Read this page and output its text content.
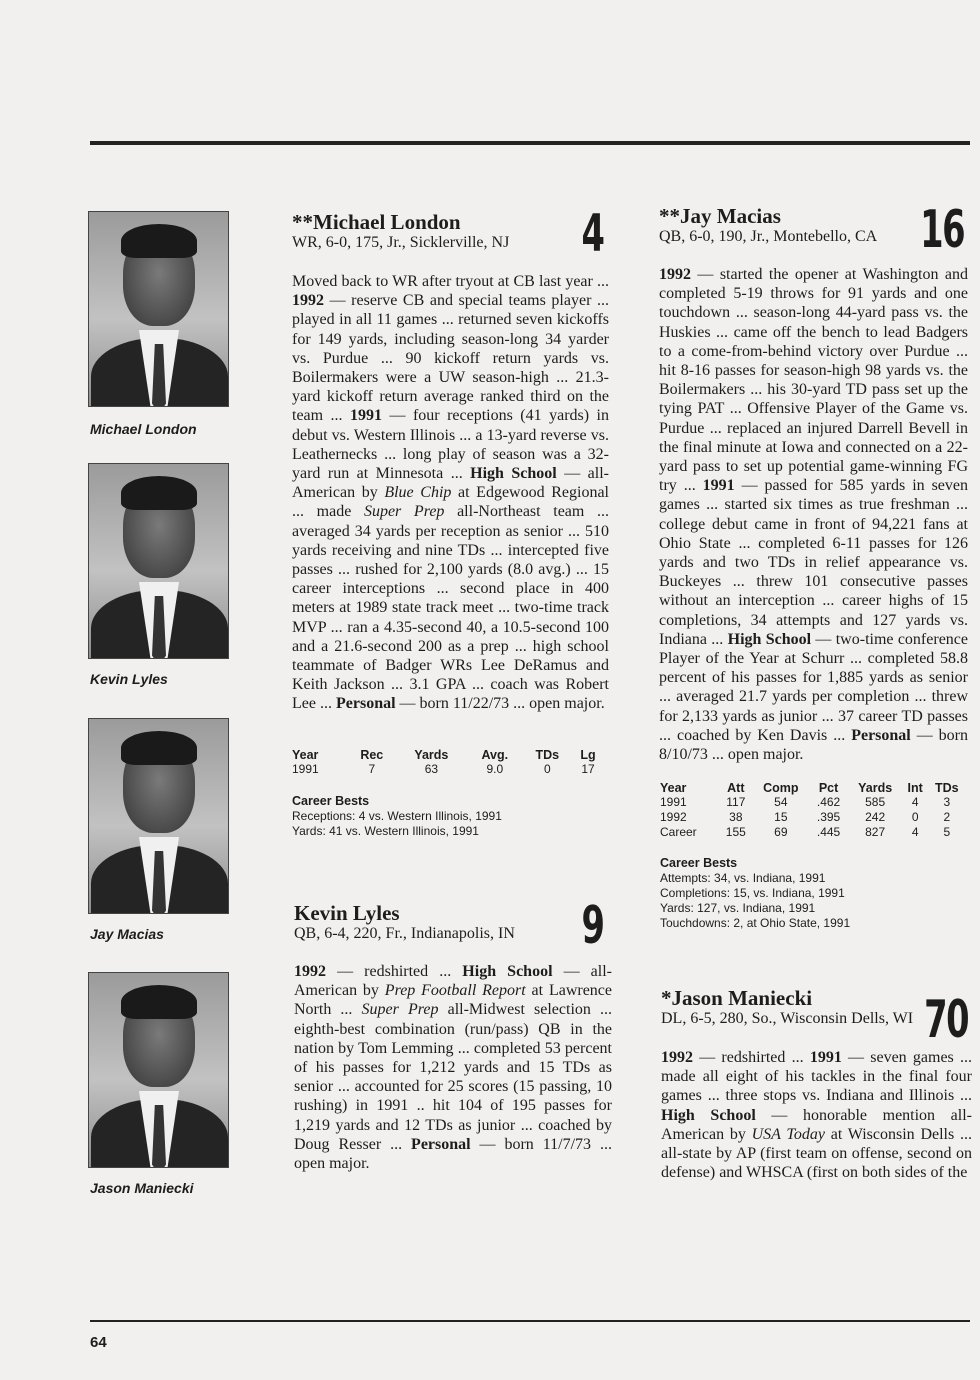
Michael London
Kevin Lyles
Jay Macias
Jason Maniecki
**Michael London
WR, 6-0, 175, Jr., Sicklerville, NJ 4

Moved back to WR after tryout at CB last year ... 1992 — reserve CB and special teams player ... played in all 11 games ... returned seven kickoffs for 149 yards, including season-long 34 yarder vs. Purdue ... 90 kickoff return yards vs. Boilermakers were a UW season-high ... 21.3-yard kickoff return average ranked third on the team ... 1991 — four receptions (41 yards) in debut vs. Western Illinois ... a 13-yard reverse vs. Leathernecks ... long play of season was a 32-yard run at Minnesota ... High School — all-American by Blue Chip at Edgewood Regional ... made Super Prep all-Northeast team ... averaged 34 yards per reception as senior ... 510 yards receiving and nine TDs ... intercepted five passes ... rushed for 2,100 yards (8.0 avg.) ... 15 career interceptions ... second place in 400 meters at 1989 state track meet ... two-time track MVP ... ran a 4.35-second 40, a 10.5-second 100 and a 21.6-second 200 as a prep ... high school teammate of Badger WRs Lee DeRamus and Keith Jackson ... 3.1 GPA ... coach was Robert Lee ... Personal — born 11/22/73 ... open major.

Year	Rec	Yards	Avg.	TDs	Lg
1991	7	63	9.0	0	17
Career Bests
Receptions: 4 vs. Western Illinois, 1991
Yards: 41 vs. Western Illinois, 1991
Kevin Lyles
QB, 6-4, 220, Fr., Indianapolis, IN 9

1992 — redshirted ... High School — all-American by Prep Football Report at Lawrence North ... Super Prep all-Midwest selection ... eighth-best combination (run/pass) QB in the nation by Tom Lemming ... completed 53 percent of his passes for 1,212 yards and 15 TDs as senior ... accounted for 25 scores (15 passing, 10 rushing) in 1991 .. hit 104 of 195 passes for 1,219 yards and 12 TDs as junior ... coached by Doug Resser ... Personal — born 11/7/73 ... open major.

**Jay Macias
QB, 6-0, 190, Jr., Montebello, CA 16

1992 — started the opener at Washington and completed 5-19 throws for 91 yards and one touchdown ... season-long 44-yard pass vs. the Huskies ... came off the bench to lead Badgers to a come-from-behind victory over Purdue ... hit 8-16 passes for season-high 98 yards vs. the Boilermakers ... his 30-yard TD pass set up the tying PAT ... Offensive Player of the Game vs. Purdue ... replaced an injured Darrell Bevell in the final minute at Iowa and connected on a 22-yard pass to set up potential game-winning FG try ... 1991 — passed for 585 yards in seven games ... started six times as true freshman ... college debut came in front of 94,221 fans at Ohio State ... completed 6-11 passes for 126 yards and two TDs in relief appearance vs. Buckeyes ... threw 101 consecutive passes without an interception ... career highs of 15 completions, 34 attempts and 127 yards vs. Indiana ... High School — two-time conference Player of the Year at Schurr ... completed 58.8 percent of his passes for 1,885 yards as senior ... averaged 21.7 yards per completion ... threw for 2,133 yards as junior ... 37 career TD passes ... coached by Ken Davis ... Personal — born 8/10/73 ... open major.

Year	Att	Comp	Pct	Yards	Int	TDs
1991	117	54	.462	585	4	3
1992	38	15	.395	242	0	2
Career	155	69	.445	827	4	5
Career Bests
Attempts: 34, vs. Indiana, 1991
Completions: 15, vs. Indiana, 1991
Yards: 127, vs. Indiana, 1991
Touchdowns: 2, at Ohio State, 1991
*Jason Maniecki
DL, 6-5, 280, So., Wisconsin Dells, WI 70

1992 — redshirted ... 1991 — seven games ... made all eight of his tackles in the final four games ... three stops vs. Indiana and Illinois ... High School — honorable mention all-American by USA Today at Wisconsin Dells ... all-state by AP (first team on offense, second on defense) and WHSCA (first on both sides of the

64
